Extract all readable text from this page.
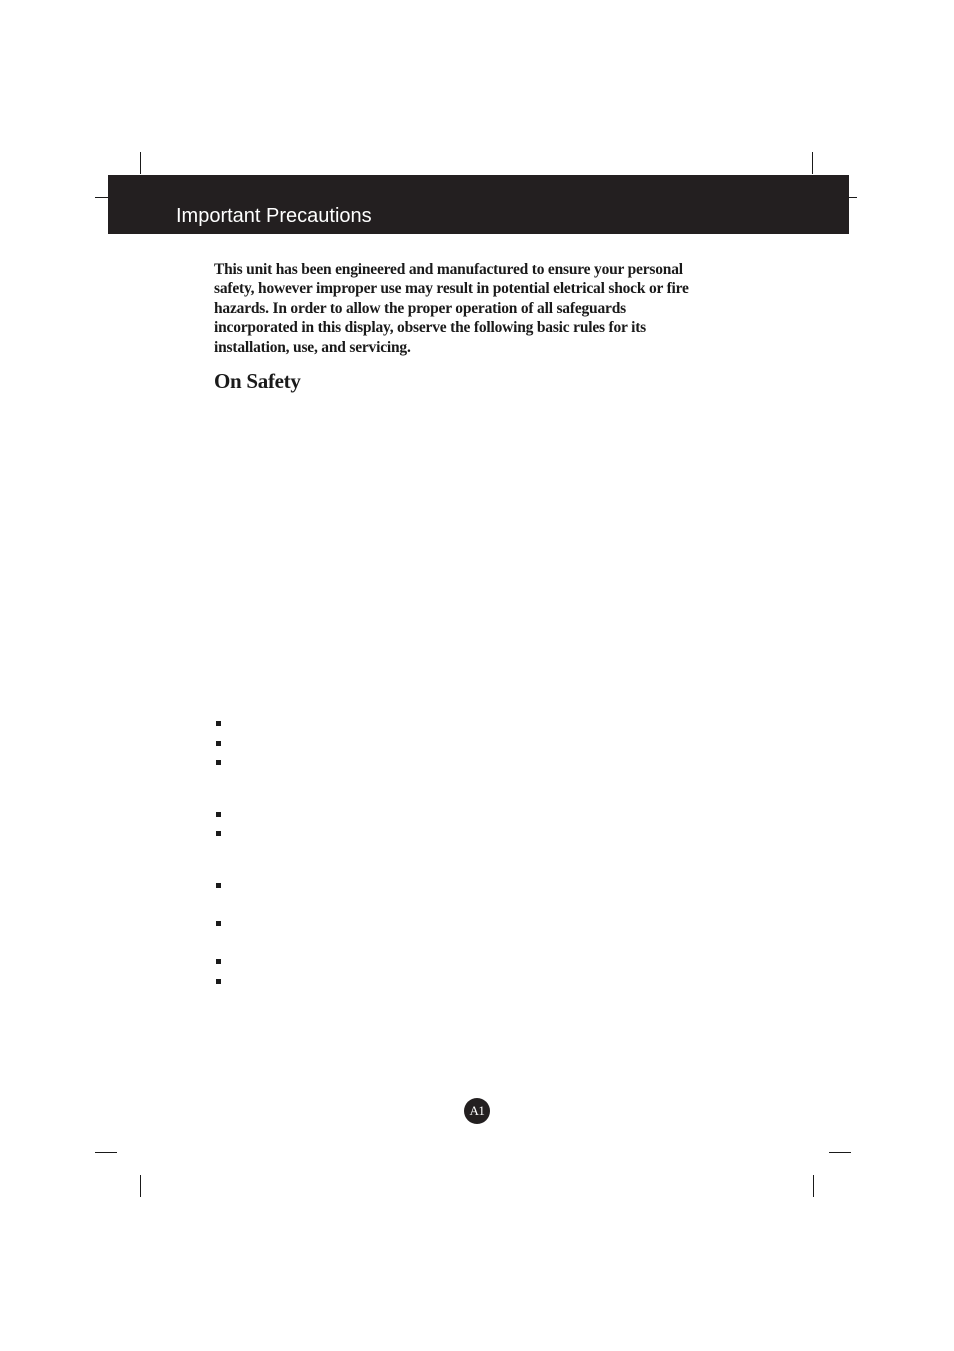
Important Precautions

This unit has been engineered and manufactured to ensure your personal
safety, however improper use may result in potential eletrical shock or fire
hazards. In order to allow the proper operation of all safeguards
incorporated in this display, observe the following basic rules for its
installation, use, and servicing.

On Safety
A1
